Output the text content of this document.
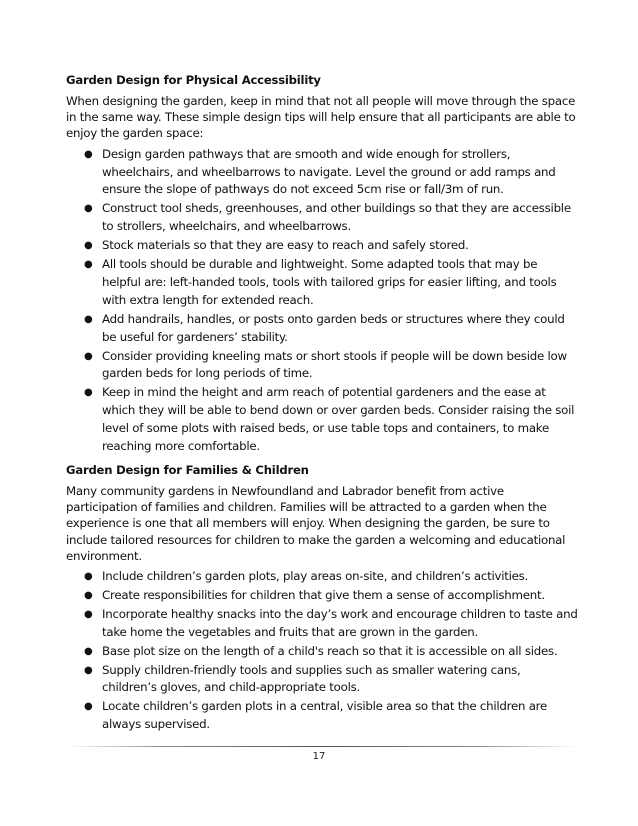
Garden Design for Physical Accessibility

When designing the garden, keep in mind that not all people will move through the space in the same way. These simple design tips will help ensure that all participants are able to enjoy the garden space:

● Design garden pathways that are smooth and wide enough for strollers, wheelchairs, and wheelbarrows to navigate. Level the ground or add ramps and ensure the slope of pathways do not exceed 5cm rise or fall/3m of run.
● Construct tool sheds, greenhouses, and other buildings so that they are accessible to strollers, wheelchairs, and wheelbarrows.
● Stock materials so that they are easy to reach and safely stored.
● All tools should be durable and lightweight. Some adapted tools that may be helpful are: left-handed tools, tools with tailored grips for easier lifting, and tools with extra length for extended reach.
● Add handrails, handles, or posts onto garden beds or structures where they could be useful for gardeners’ stability.
● Consider providing kneeling mats or short stools if people will be down beside low garden beds for long periods of time.
● Keep in mind the height and arm reach of potential gardeners and the ease at which they will be able to bend down or over garden beds. Consider raising the soil level of some plots with raised beds, or use table tops and containers, to make reaching more comfortable.
Garden Design for Families & Children

Many community gardens in Newfoundland and Labrador benefit from active participation of families and children. Families will be attracted to a garden when the experience is one that all members will enjoy. When designing the garden, be sure to include tailored resources for children to make the garden a welcoming and educational environment.

● Include children’s garden plots, play areas on-site, and children’s activities.
● Create responsibilities for children that give them a sense of accomplishment.
● Incorporate healthy snacks into the day’s work and encourage children to taste and take home the vegetables and fruits that are grown in the garden.
● Base plot size on the length of a child's reach so that it is accessible on all sides.
● Supply children-friendly tools and supplies such as smaller watering cans, children’s gloves, and child-appropriate tools.
● Locate children’s garden plots in a central, visible area so that the children are always supervised.
17
